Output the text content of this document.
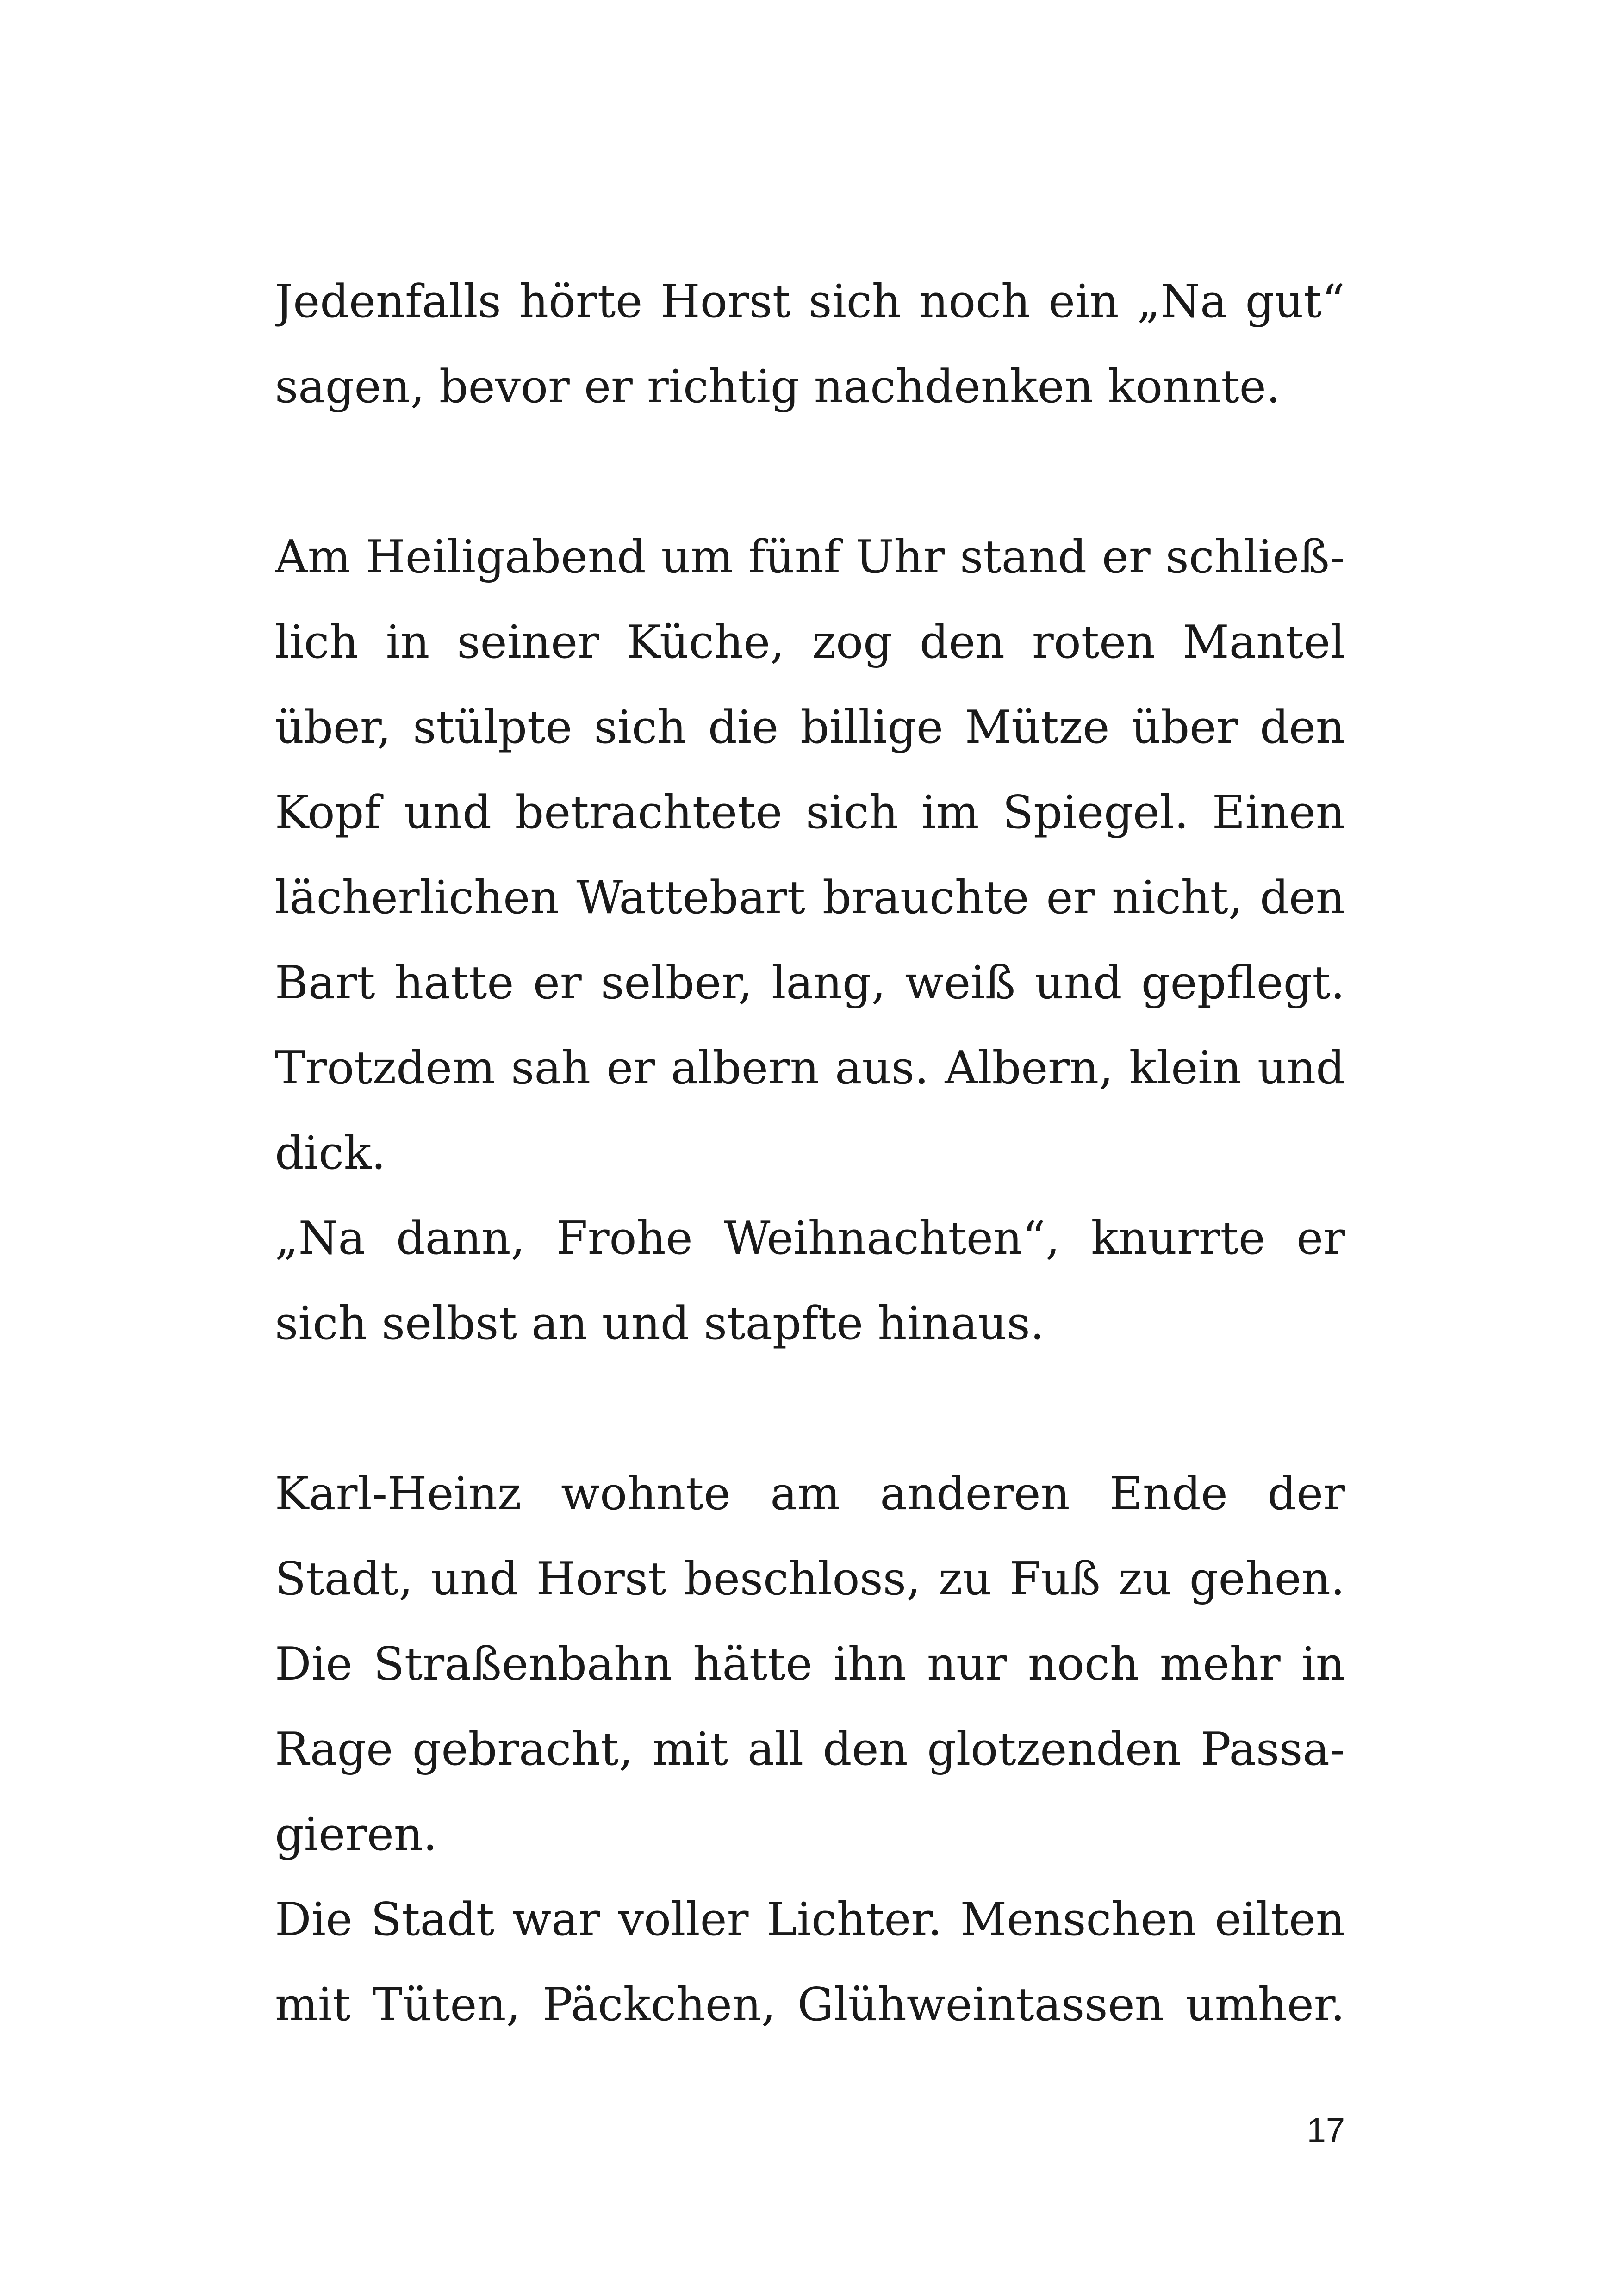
Jedenfalls hörte Horst sich noch ein „Na gut“
sagen, bevor er richtig nachdenken konnte.
Am Heiligabend um fünf Uhr stand er schließ-
lich in seiner Küche, zog den roten Mantel
über, stülpte sich die billige Mütze über den
Kopf und betrachtete sich im Spiegel. Einen
lächerlichen Wattebart brauchte er nicht, den
Bart hatte er selber, lang, weiß und gepflegt.
Trotzdem sah er albern aus. Albern, klein und
dick.
„Na dann, Frohe Weihnachten“, knurrte er
sich selbst an und stapfte hinaus.
Karl-Heinz wohnte am anderen Ende der
Stadt, und Horst beschloss, zu Fuß zu gehen.
Die Straßenbahn hätte ihn nur noch mehr in
Rage gebracht, mit all den glotzenden Passa-
gieren.
Die Stadt war voller Lichter. Menschen eilten
mit Tüten, Päckchen, Glühweintassen umher.
17
